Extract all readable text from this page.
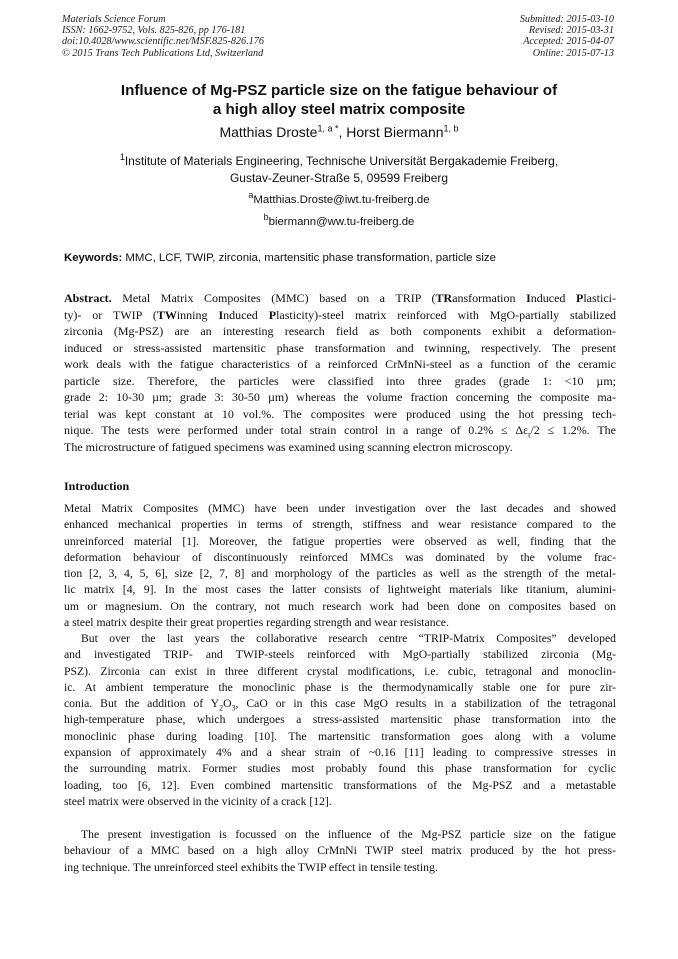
Materials Science Forum
ISSN: 1662-9752, Vols. 825-826, pp 176-181
doi:10.4028/www.scientific.net/MSF.825-826.176
© 2015 Trans Tech Publications Ltd, Switzerland
Submitted: 2015-03-10
Revised: 2015-03-31
Accepted: 2015-04-07
Online: 2015-07-13
Influence of Mg-PSZ particle size on the fatigue behaviour of
a high alloy steel matrix composite
Matthias Droste$^{1, a *}$, Horst Biermann$^{1, b}$
$^1$Institute of Materials Engineering, Technische Universität Bergakademie Freiberg,
Gustav-Zeuner-Straße 5, 09599 Freiberg
$^a$Matthias.Droste@iwt.tu-freiberg.de
$^b$biermann@ww.tu-freiberg.de
Keywords: MMC, LCF, TWIP, zirconia, martensitic phase transformation, particle size
Abstract. Metal Matrix Composites (MMC) based on a TRIP (TRansformation Induced Plastici-
ty)- or TWIP (TWinning Induced Plasticity)-steel matrix reinforced with MgO-partially stabilized
zirconia (Mg-PSZ) are an interesting research field as both components exhibit a deformation-
induced or stress-assisted martensitic phase transformation and twinning, respectively. The present
work deals with the fatigue characteristics of a reinforced CrMnNi-steel as a function of the ceramic
particle size. Therefore, the particles were classified into three grades (grade 1: <10 µm;
grade 2: 10-30 µm; grade 3: 30-50 µm) whereas the volume fraction concerning the composite ma-
terial was kept constant at 10 vol.%. The composites were produced using the hot pressing tech-
nique. The tests were performed under total strain control in a range of $0.2\% \le \Delta\varepsilon_t/2 \le 1.2\%$. The
The microstructure of fatigued specimens was examined using scanning electron microscopy.
Introduction
Metal Matrix Composites (MMC) have been under investigation over the last decades and showed
enhanced mechanical properties in terms of strength, stiffness and wear resistance compared to the
unreinforced material [1]. Moreover, the fatigue properties were observed as well, finding that the
deformation behaviour of discontinuously reinforced MMCs was dominated by the volume frac-
tion [2, 3, 4, 5, 6], size [2, 7, 8] and morphology of the particles as well as the strength of the metal-
lic matrix [4, 9]. In the most cases the latter consists of lightweight materials like titanium, alumini-
um or magnesium. On the contrary, not much research work had been done on composites based on
a steel matrix despite their great properties regarding strength and wear resistance.
But over the last years the collaborative research centre “TRIP-Matrix Composites” developed
and investigated TRIP- and TWIP-steels reinforced with MgO-partially stabilized zirconia (Mg-
PSZ). Zirconia can exist in three different crystal modifications, i.e. cubic, tetragonal and monoclin-
ic. At ambient temperature the monoclinic phase is the thermodynamically stable one for pure zir-
conia. But the addition of $Y_2O_3$, CaO or in this case MgO results in a stabilization of the tetragonal
high-temperature phase, which undergoes a stress-assisted martensitic phase transformation into the
monoclinic phase during loading [10]. The martensitic transformation goes along with a volume
expansion of approximately 4% and a shear strain of ~0.16 [11] leading to compressive stresses in
the surrounding matrix. Former studies most probably found this phase transformation for cyclic
loading, too [6, 12]. Even combined martensitic transformations of the Mg-PSZ and a metastable
steel matrix were observed in the vicinity of a crack [12].
The present investigation is focussed on the influence of the Mg-PSZ particle size on the fatigue
behaviour of a MMC based on a high alloy CrMnNi TWIP steel matrix produced by the hot press-
ing technique. The unreinforced steel exhibits the TWIP effect in tensile testing.
